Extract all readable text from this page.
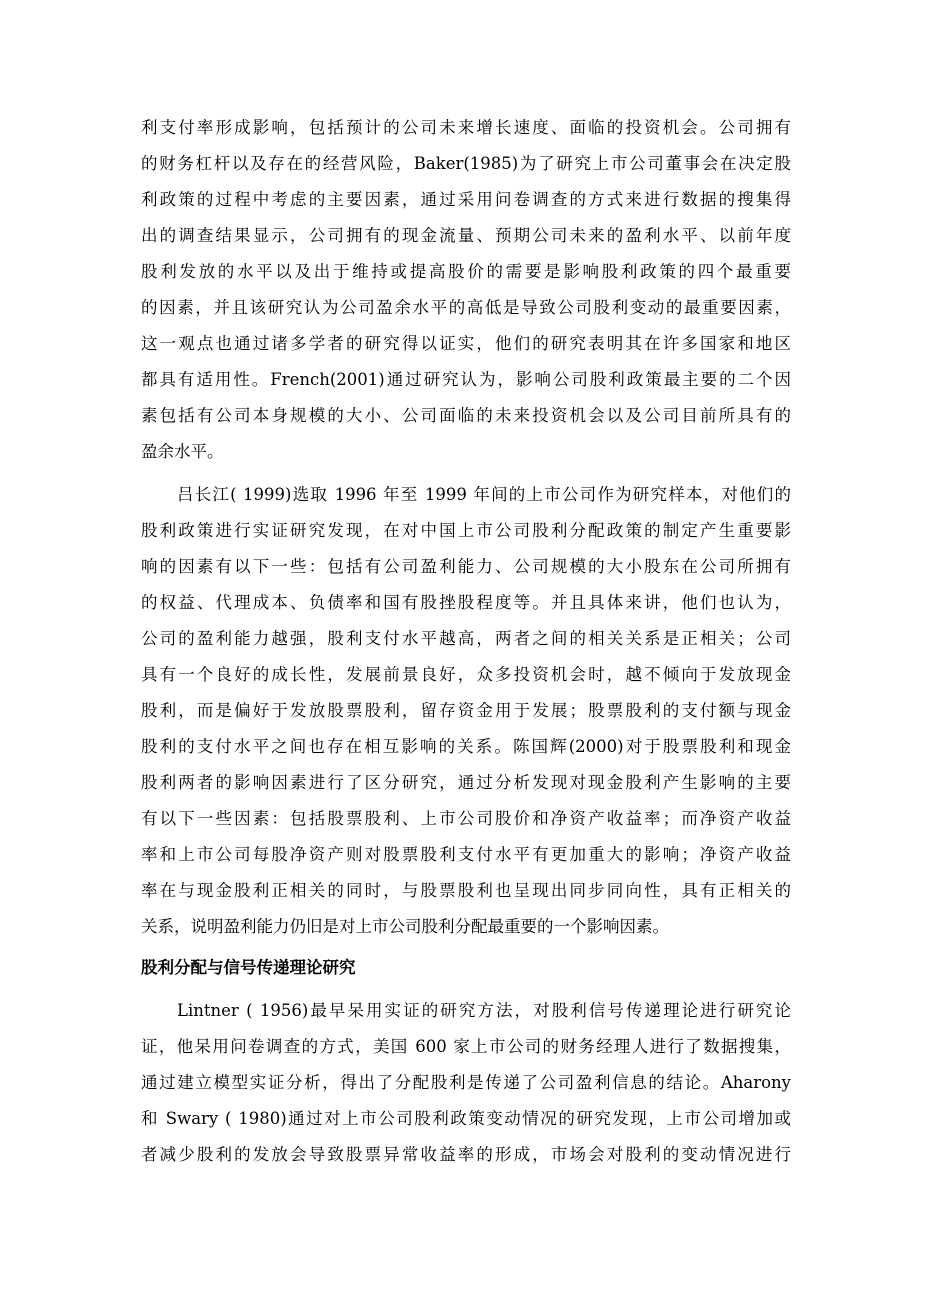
利支付率形成影响，包括预计的公司未来增长速度、面临的投资机会。公司拥有
的财务杠杆以及存在的经营风险，Baker(1985)为了研究上市公司董事会在决定股
利政策的过程中考虑的主要因素，通过采用问卷调查的方式来进行数据的搜集得
出的调查结果显示，公司拥有的现金流量、预期公司未来的盈利水平、以前年度
股利发放的水平以及出于维持或提高股价的需要是影响股利政策的四个最重要
的因素，并且该研究认为公司盈余水平的高低是导致公司股利变动的最重要因素，
这一观点也通过诸多学者的研究得以证实，他们的研究表明其在许多国家和地区
都具有适用性。French(2001)通过研究认为，影响公司股利政策最主要的二个因
素包括有公司本身规模的大小、公司面临的未来投资机会以及公司目前所具有的
盈余水平。
吕长江( 1999)选取 1996 年至 1999 年间的上市公司作为研究样本，对他们的
股利政策进行实证研究发现，在对中国上市公司股利分配政策的制定产生重要影
响的因素有以下一些：包括有公司盈利能力、公司规模的大小股东在公司所拥有
的权益、代理成本、负债率和国有股挫股程度等。并且具体来讲，他们也认为，
公司的盈利能力越强，股利支付水平越高，两者之间的相关关系是正相关；公司
具有一个良好的成长性，发展前景良好，众多投资机会时，越不倾向于发放现金
股利，而是偏好于发放股票股利，留存资金用于发展；股票股利的支付额与现金
股利的支付水平之间也存在相互影响的关系。陈国辉(2000)对于股票股利和现金
股利两者的影响因素进行了区分研究，通过分析发现对现金股利产生影响的主要
有以下一些因素：包括股票股利、上市公司股价和净资产收益率；而净资产收益
率和上市公司每股净资产则对股票股利支付水平有更加重大的影响；净资产收益
率在与现金股利正相关的同时，与股票股利也呈现出同步同向性，具有正相关的
关系，说明盈利能力仍旧是对上市公司股利分配最重要的一个影响因素。
股利分配与信号传递理论研究
Lintner ( 1956)最早呆用实证的研究方法，对股利信号传递理论进行研究论
证，他呆用问卷调查的方式，美国 600 家上市公司的财务经理人进行了数据搜集，
通过建立模型实证分析，得出了分配股利是传递了公司盈利信息的结论。Aharony
和 Swary ( 1980)通过对上市公司股利政策变动情况的研究发现，上市公司增加或
者减少股利的发放会导致股票异常收益率的形成，市场会对股利的变动情况进行
